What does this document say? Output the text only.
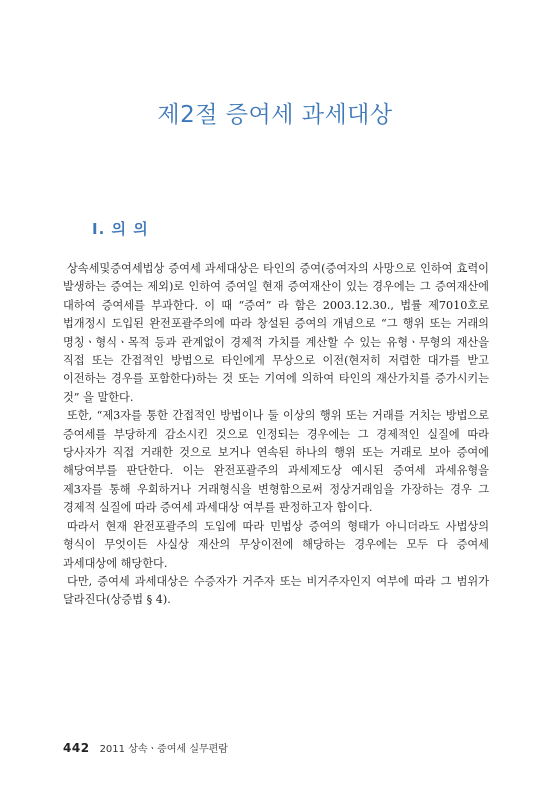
제2절 증여세 과세대상
Ⅰ. 의 의

상속세및증여세법상 증여세 과세대상은 타인의 증여(증여자의 사망으로 인하여 효력이 발생하는 증여는 제외)로 인하여 증여일 현재 증여재산이 있는 경우에는 그 증여재산에 대하여 증여세를 부과한다. 이 때 “증여” 라 함은 2003.12.30., 법률 제7010호로 법개정시 도입된 완전포괄주의에 따라 창설된 증여의 개념으로 “그 행위 또는 거래의 명칭ㆍ형식ㆍ목적 등과 관계없이 경제적 가치를 계산할 수 있는 유형ㆍ무형의 재산을 직접 또는 간접적인 방법으로 타인에게 무상으로 이전(현저히 저렴한 대가를 받고 이전하는 경우를 포함한다)하는 것 또는 기여에 의하여 타인의 재산가치를 증가시키는 것” 을 말한다.

또한, “제3자를 통한 간접적인 방법이나 둘 이상의 행위 또는 거래를 거치는 방법으로 증여세를 부당하게 감소시킨 것으로 인정되는 경우에는 그 경제적인 실질에 따라 당사자가 직접 거래한 것으로 보거나 연속된 하나의 행위 또는 거래로 보아 증여에 해당여부를 판단한다. 이는 완전포괄주의 과세제도상 예시된 증여세 과세유형을 제3자를 통해 우회하거나 거래형식을 변형함으로써 정상거래임을 가장하는 경우 그 경제적 실질에 따라 증여세 과세대상 여부를 판정하고자 함이다.

따라서 현재 완전포괄주의 도입에 따라 민법상 증여의 형태가 아니더라도 사법상의 형식이 무엇이든 사실상 재산의 무상이전에 해당하는 경우에는 모두 다 증여세 과세대상에 해당한다.

다만, 증여세 과세대상은 수증자가 거주자 또는 비거주자인지 여부에 따라 그 범위가 달라진다(상증법 § 4).

442 2011 상속ㆍ증여세 실무편람
